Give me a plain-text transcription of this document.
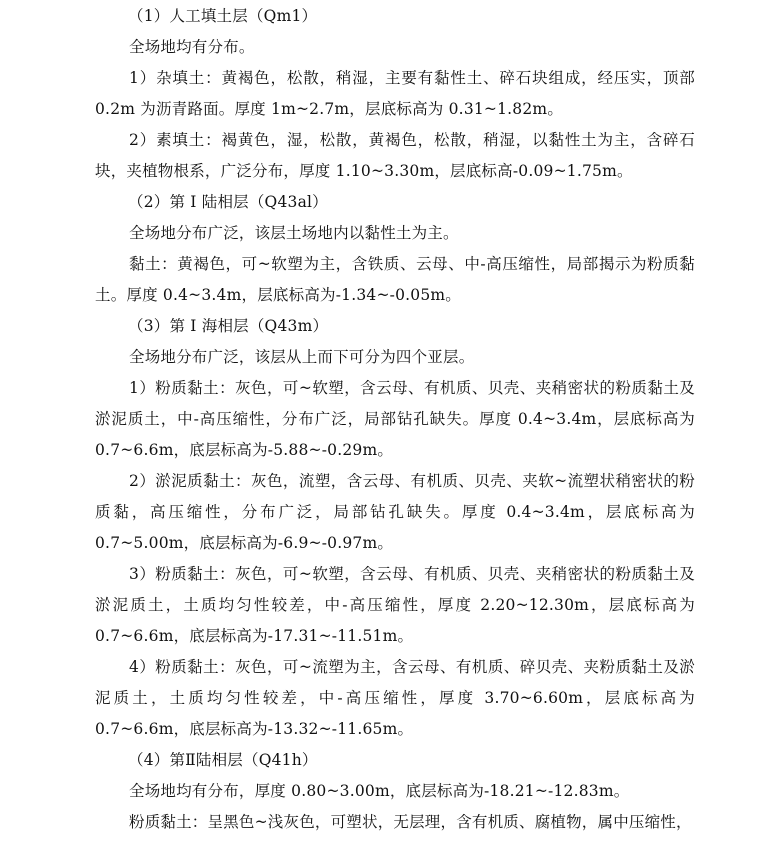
（1）人工填土层（Qm1）
全场地均有分布。
1）杂填土：黄褐色，松散，稍湿，主要有黏性土、碎石块组成，经压实，顶部0.2m 为沥青路面。厚度 1m~2.7m，层底标高为 0.31~1.82m。
2）素填土：褐黄色，湿，松散，黄褐色，松散，稍湿，以黏性土为主，含碎石块，夹植物根系，广泛分布，厚度 1.10~3.30m，层底标高-0.09~1.75m。
（2）第 Ⅰ 陆相层（Q43al）
全场地分布广泛，该层土场地内以黏性土为主。
黏土：黄褐色，可~软塑为主，含铁质、云母、中-高压缩性，局部揭示为粉质黏土。厚度 0.4~3.4m，层底标高为-1.34~-0.05m。
（3）第 Ⅰ 海相层（Q43m）
全场地分布广泛，该层从上而下可分为四个亚层。
1）粉质黏土：灰色，可~软塑，含云母、有机质、贝壳、夹稍密状的粉质黏土及淤泥质土，中-高压缩性，分布广泛，局部钻孔缺失。厚度 0.4~3.4m，层底标高为0.7~6.6m，底层标高为-5.88~-0.29m。
2）淤泥质黏土：灰色，流塑，含云母、有机质、贝壳、夹软~流塑状稍密状的粉质黏，高压缩性，分布广泛，局部钻孔缺失。厚度 0.4~3.4m，层底标高为 0.7~5.00m，底层标高为-6.9~-0.97m。
3）粉质黏土：灰色，可~软塑，含云母、有机质、贝壳、夹稍密状的粉质黏土及淤泥质土，土质均匀性较差，中-高压缩性，厚度 2.20~12.30m，层底标高为 0.7~6.6m，底层标高为-17.31~-11.51m。
4）粉质黏土：灰色，可~流塑为主，含云母、有机质、碎贝壳、夹粉质黏土及淤泥质土，土质均匀性较差，中-高压缩性，厚度 3.70~6.60m，层底标高为 0.7~6.6m，底层标高为-13.32~-11.65m。
（4）第Ⅱ陆相层（Q41h）
全场地均有分布，厚度 0.80~3.00m，底层标高为-18.21~-12.83m。
粉质黏土：呈黑色~浅灰色，可塑状，无层理，含有机质、腐植物，属中压缩性，
